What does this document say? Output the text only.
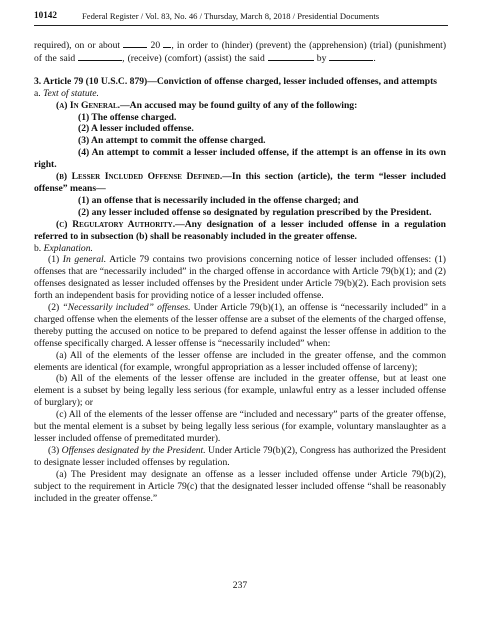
10142	Federal Register / Vol. 83, No. 46 / Thursday, March 8, 2018 / Presidential Documents

required), on or about	20 , in order to (hinder) (prevent) the (apprehension) (trial) (punishment) of the said	, (receive) (comfort) (assist) the said	by	.

3. Article 79 (10 U.S.C. 879)—Conviction of offense charged, lesser included offenses, and attempts

a. Text of statute.

(a) In General.—An accused may be found guilty of any of the following:

(1) The offense charged.

(2) A lesser included offense.

(3) An attempt to commit the offense charged.

(4) An attempt to commit a lesser included offense, if the attempt is an offense in its own right.

(b) Lesser Included Offense Defined.—In this section (article), the term “lesser included offense” means—

(1) an offense that is necessarily included in the offense charged; and

(2) any lesser included offense so designated by regulation prescribed by the President.

(c) Regulatory Authority.—Any designation of a lesser included offense in a regulation referred to in subsection (b) shall be reasonably included in the greater offense.

b. Explanation.

(1) In general. Article 79 contains two provisions concerning notice of lesser included offenses: (1) offenses that are “necessarily included” in the charged offense in accordance with Article 79(b)(1); and (2) offenses designated as lesser included offenses by the President under Article 79(b)(2). Each provision sets forth an independent basis for providing notice of a lesser included offense.

(2) “Necessarily included” offenses. Under Article 79(b)(1), an offense is “necessarily included” in a charged offense when the elements of the lesser offense are a subset of the elements of the charged offense, thereby putting the accused on notice to be prepared to defend against the lesser offense in addition to the offense specifically charged. A lesser offense is “necessarily included” when:

(a) All of the elements of the lesser offense are included in the greater offense, and the common elements are identical (for example, wrongful appropriation as a lesser included offense of larceny);

(b) All of the elements of the lesser offense are included in the greater offense, but at least one element is a subset by being legally less serious (for example, unlawful entry as a lesser included offense of burglary); or

(c) All of the elements of the lesser offense are “included and necessary” parts of the greater offense, but the mental element is a subset by being legally less serious (for example, voluntary manslaughter as a lesser included offense of premeditated murder).

(3) Offenses designated by the President. Under Article 79(b)(2), Congress has authorized the President to designate lesser included offenses by regulation.

(a) The President may designate an offense as a lesser included offense under Article 79(b)(2), subject to the requirement in Article 79(c) that the designated lesser included offense “shall be reasonably included in the greater offense.”

237
